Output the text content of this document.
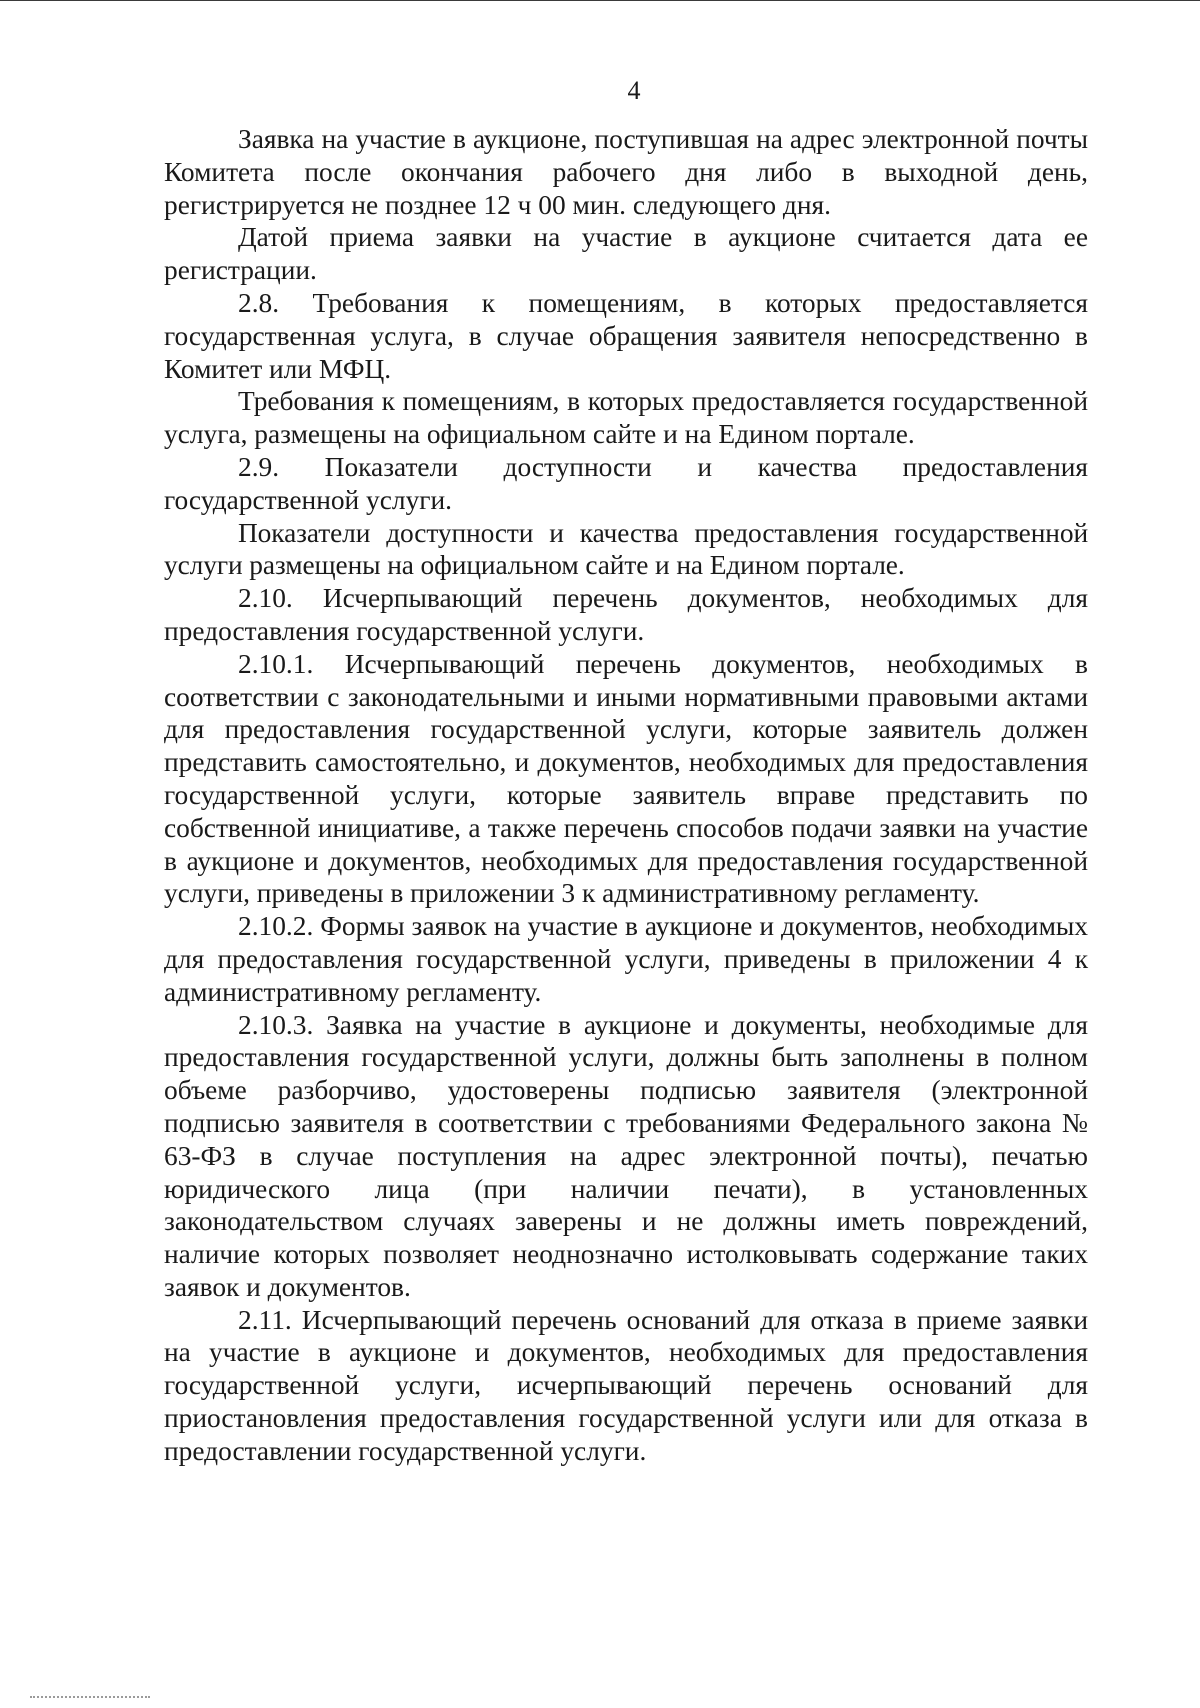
4

Заявка на участие в аукционе, поступившая на адрес электронной почты Комитета после окончания рабочего дня либо в выходной день, регистрируется не позднее 12 ч 00 мин. следующего дня.

Датой приема заявки на участие в аукционе считается дата ее регистрации.

2.8. Требования к помещениям, в которых предоставляется государственная услуга, в случае обращения заявителя непосредственно в Комитет или МФЦ.

Требования к помещениям, в которых предоставляется государственной услуга, размещены на официальном сайте и на Едином портале.

2.9. Показатели доступности и качества предоставления государственной услуги.

Показатели доступности и качества предоставления государственной услуги размещены на официальном сайте и на Едином портале.

2.10. Исчерпывающий перечень документов, необходимых для предоставления государственной услуги.

2.10.1. Исчерпывающий перечень документов, необходимых в соответствии с законодательными и иными нормативными правовыми актами для предоставления государственной услуги, которые заявитель должен представить самостоятельно, и документов, необходимых для предоставления государственной услуги, которые заявитель вправе представить по собственной инициативе, а также перечень способов подачи заявки на участие в аукционе и документов, необходимых для предоставления государственной услуги, приведены в приложении 3 к административному регламенту.

2.10.2. Формы заявок на участие в аукционе и документов, необходимых для предоставления государственной услуги, приведены в приложении 4 к административному регламенту.

2.10.3. Заявка на участие в аукционе и документы, необходимые для предоставления государственной услуги, должны быть заполнены в полном объеме разборчиво, удостоверены подписью заявителя (электронной подписью заявителя в соответствии с требованиями Федерального закона № 63-ФЗ в случае поступления на адрес электронной почты), печатью юридического лица (при наличии печати), в установленных законодательством случаях заверены и не должны иметь повреждений, наличие которых позволяет неоднозначно истолковывать содержание таких заявок и документов.

2.11. Исчерпывающий перечень оснований для отказа в приеме заявки на участие в аукционе и документов, необходимых для предоставления государственной услуги, исчерпывающий перечень оснований для приостановления предоставления государственной услуги или для отказа в предоставлении государственной услуги.
